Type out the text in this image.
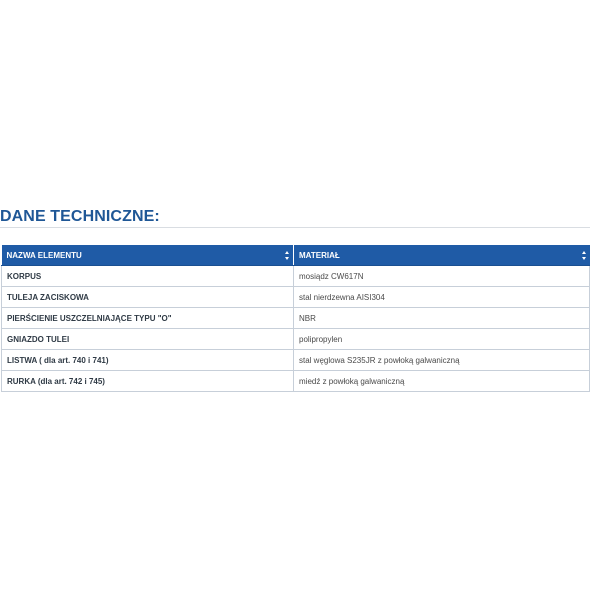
DANE TECHNICZNE:
NAZWA ELEMENTU	MATERIAŁ

KORPUS	mosiądz CW617N
TULEJA ZACISKOWA	stal nierdzewna AISI304
PIERŚCIENIE USZCZELNIAJĄCE TYPU "O"	NBR
GNIAZDO TULEI	polipropylen
LISTWA ( dla art. 740 i 741)	stal węglowa S235JR z powłoką galwaniczną
RURKA (dla art. 742 i 745)	miedź z powłoką galwaniczną
